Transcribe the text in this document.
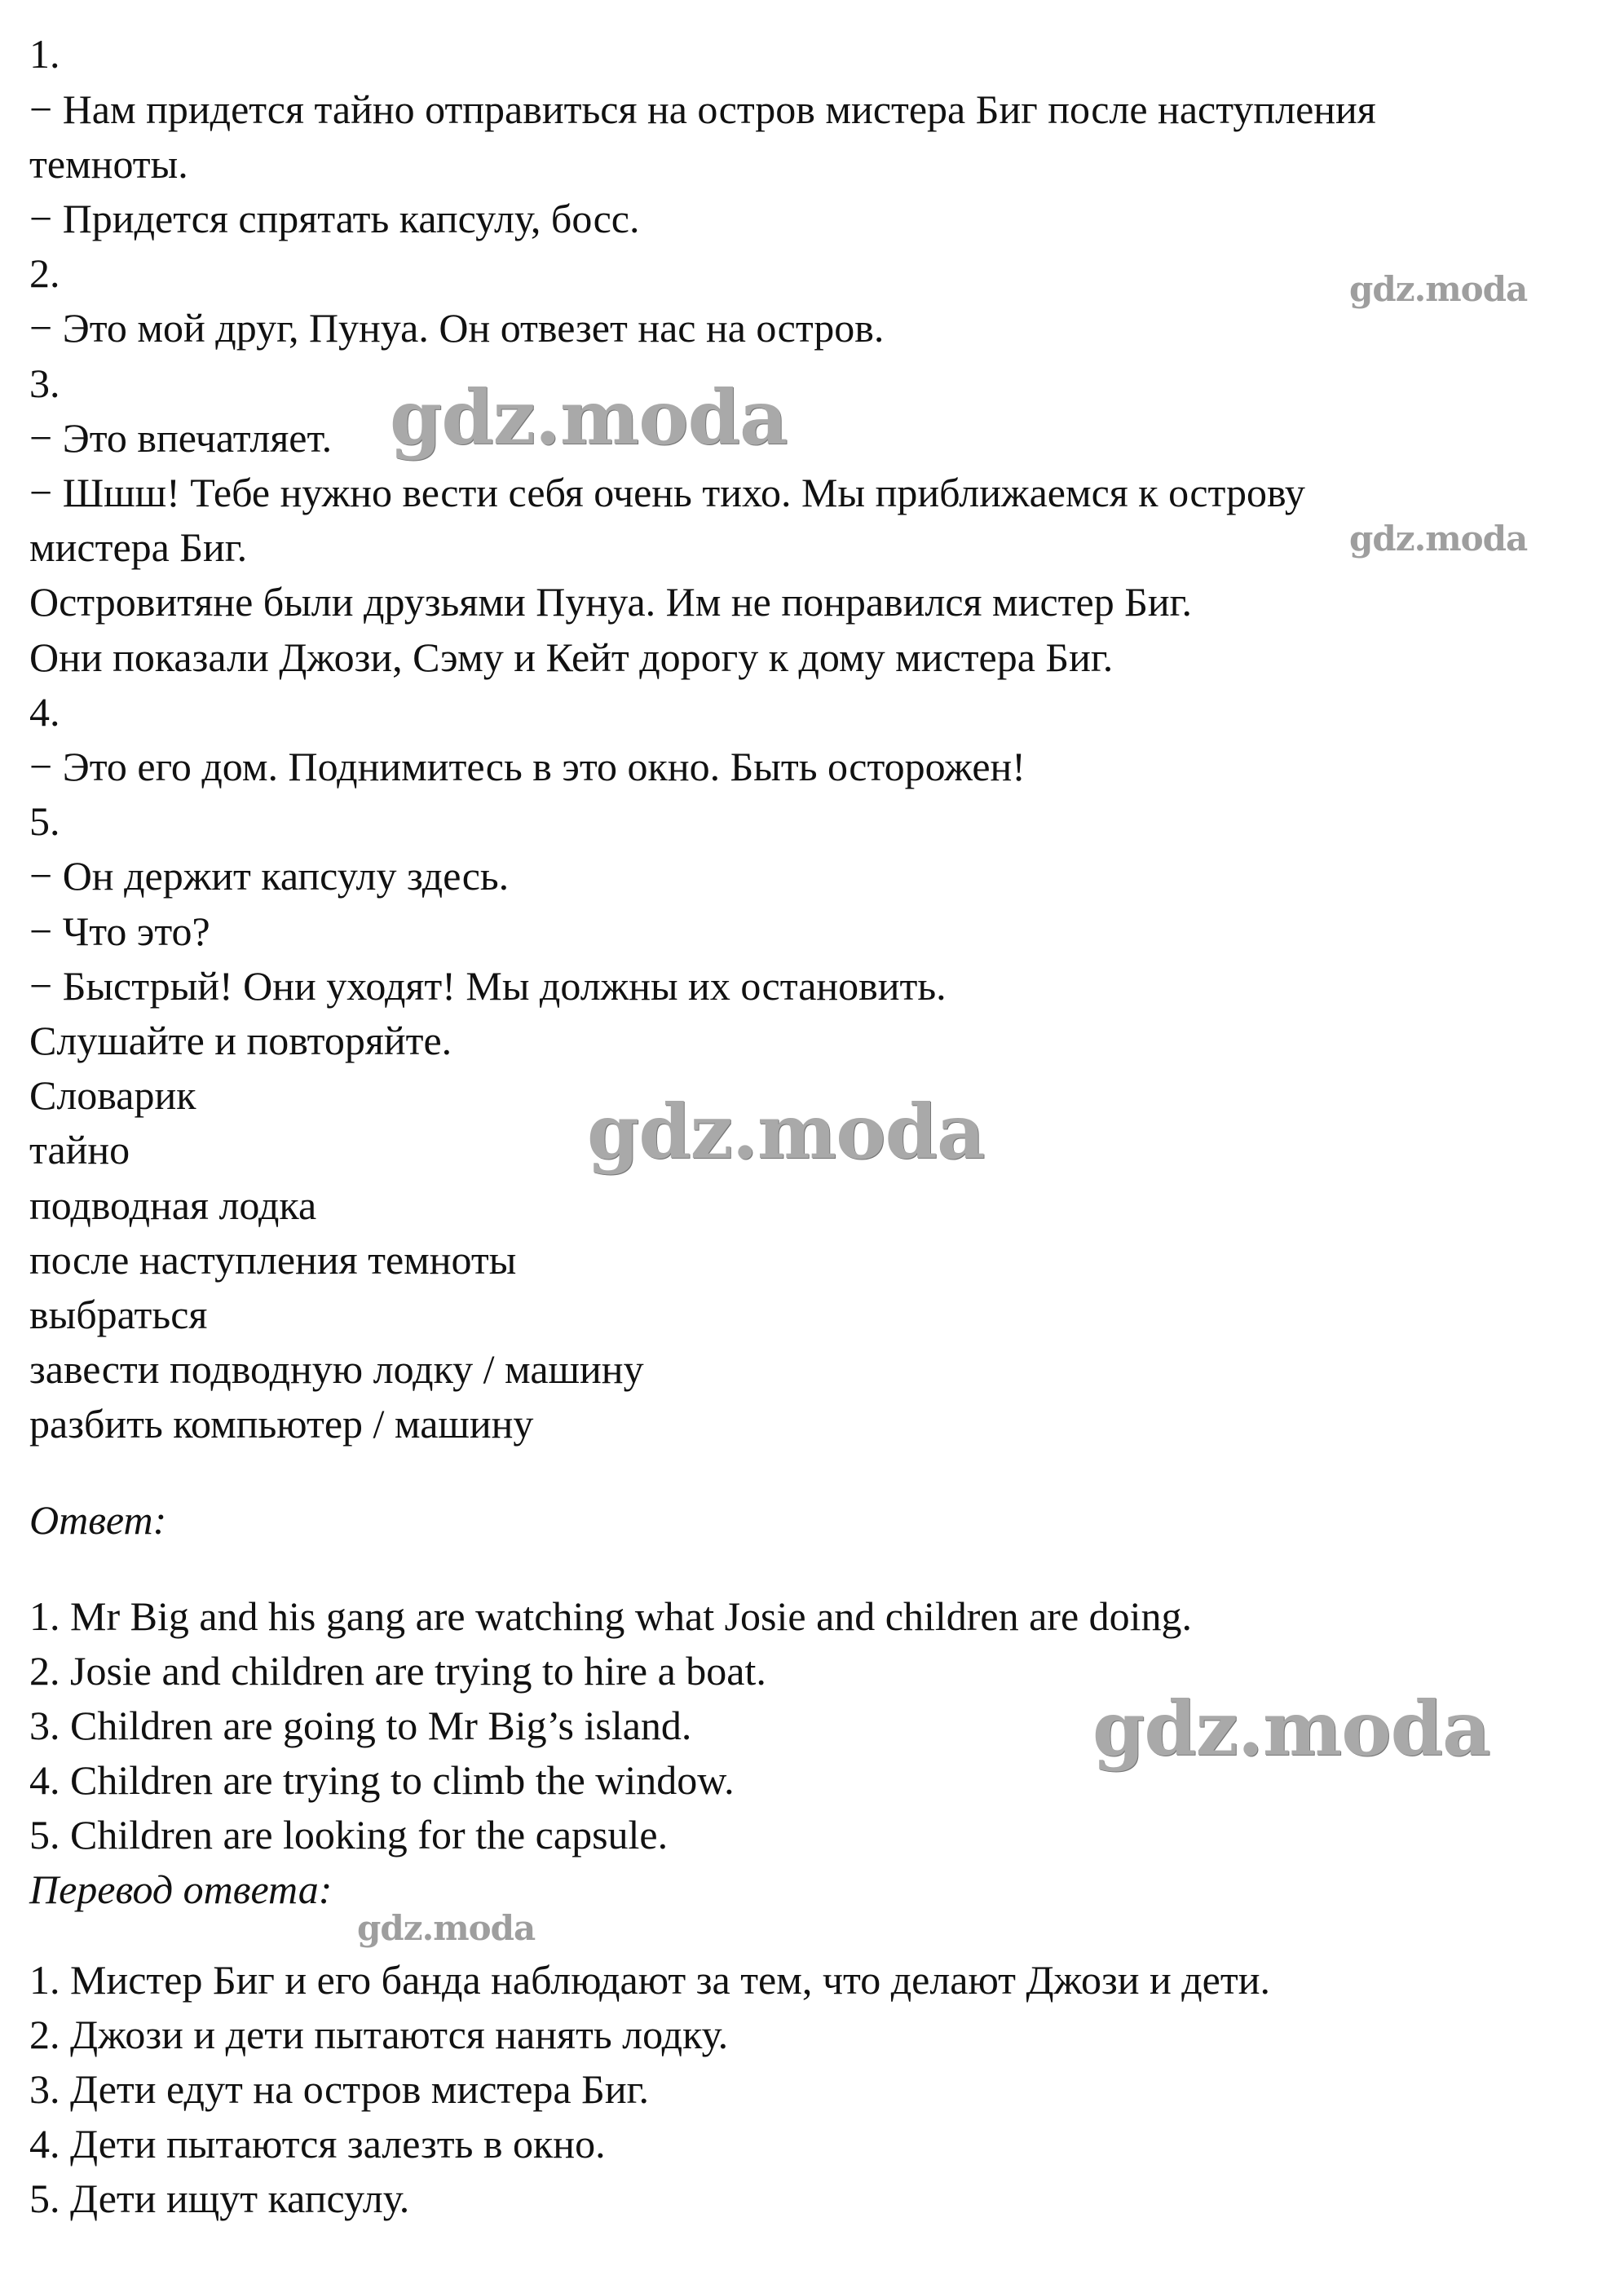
1.
− Нам придется тайно отправиться на остров мистера Биг после наступления
темноты.
− Придется спрятать капсулу, босс.
2.
− Это мой друг, Пунуа. Он отвезет нас на остров.
3.
− Это впечатляет.
− Шшш! Тебе нужно вести себя очень тихо. Мы приближаемся к острову
мистера Биг.
Островитяне были друзьями Пунуа. Им не понравился мистер Биг.
Они показали Джози, Сэму и Кейт дорогу к дому мистера Биг.
4.
− Это его дом. Поднимитесь в это окно. Быть осторожен!
5.
− Он держит капсулу здесь.
− Что это?
− Быстрый! Они уходят! Мы должны их остановить.
Слушайте и повторяйте.
Словарик
тайно
подводная лодка
после наступления темноты
выбраться
завести подводную лодку / машину
разбить компьютер / машину
Ответ:
1. Mr Big and his gang are watching what Josie and children are doing.
2. Josie and children are trying to hire a boat.
3. Children are going to Mr Big’s island.
4. Children are trying to climb the window.
5. Children are looking for the capsule.
Перевод ответа:
1. Мистер Биг и его банда наблюдают за тем, что делают Джози и дети.
2. Джози и дети пытаются нанять лодку.
3. Дети едут на остров мистера Биг.
4. Дети пытаются залезть в окно.
5. Дети ищут капсулу.
gdz.moda
gdz.moda
gdz.moda
gdz.moda
gdz.moda
gdz.moda
